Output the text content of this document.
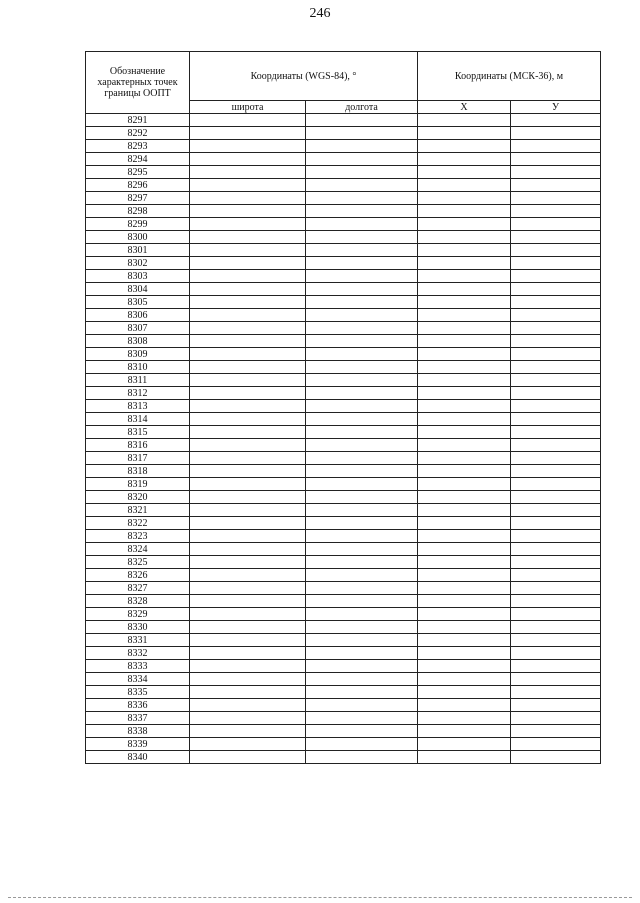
246
Обозначение характерных точек границы ООПТ	Координаты (WGS-84), °		Координаты (МСК-36), м	
	широта	долгота	Х	У
8291				
8292				
8293				
8294				
8295				
8296				
8297				
8298				
8299				
8300				
8301				
8302				
8303				
8304				
8305				
8306				
8307				
8308				
8309				
8310				
8311				
8312				
8313				
8314				
8315				
8316				
8317				
8318				
8319				
8320				
8321				
8322				
8323				
8324				
8325				
8326				
8327				
8328				
8329				
8330				
8331				
8332				
8333				
8334				
8335				
8336				
8337				
8338				
8339				
8340				
